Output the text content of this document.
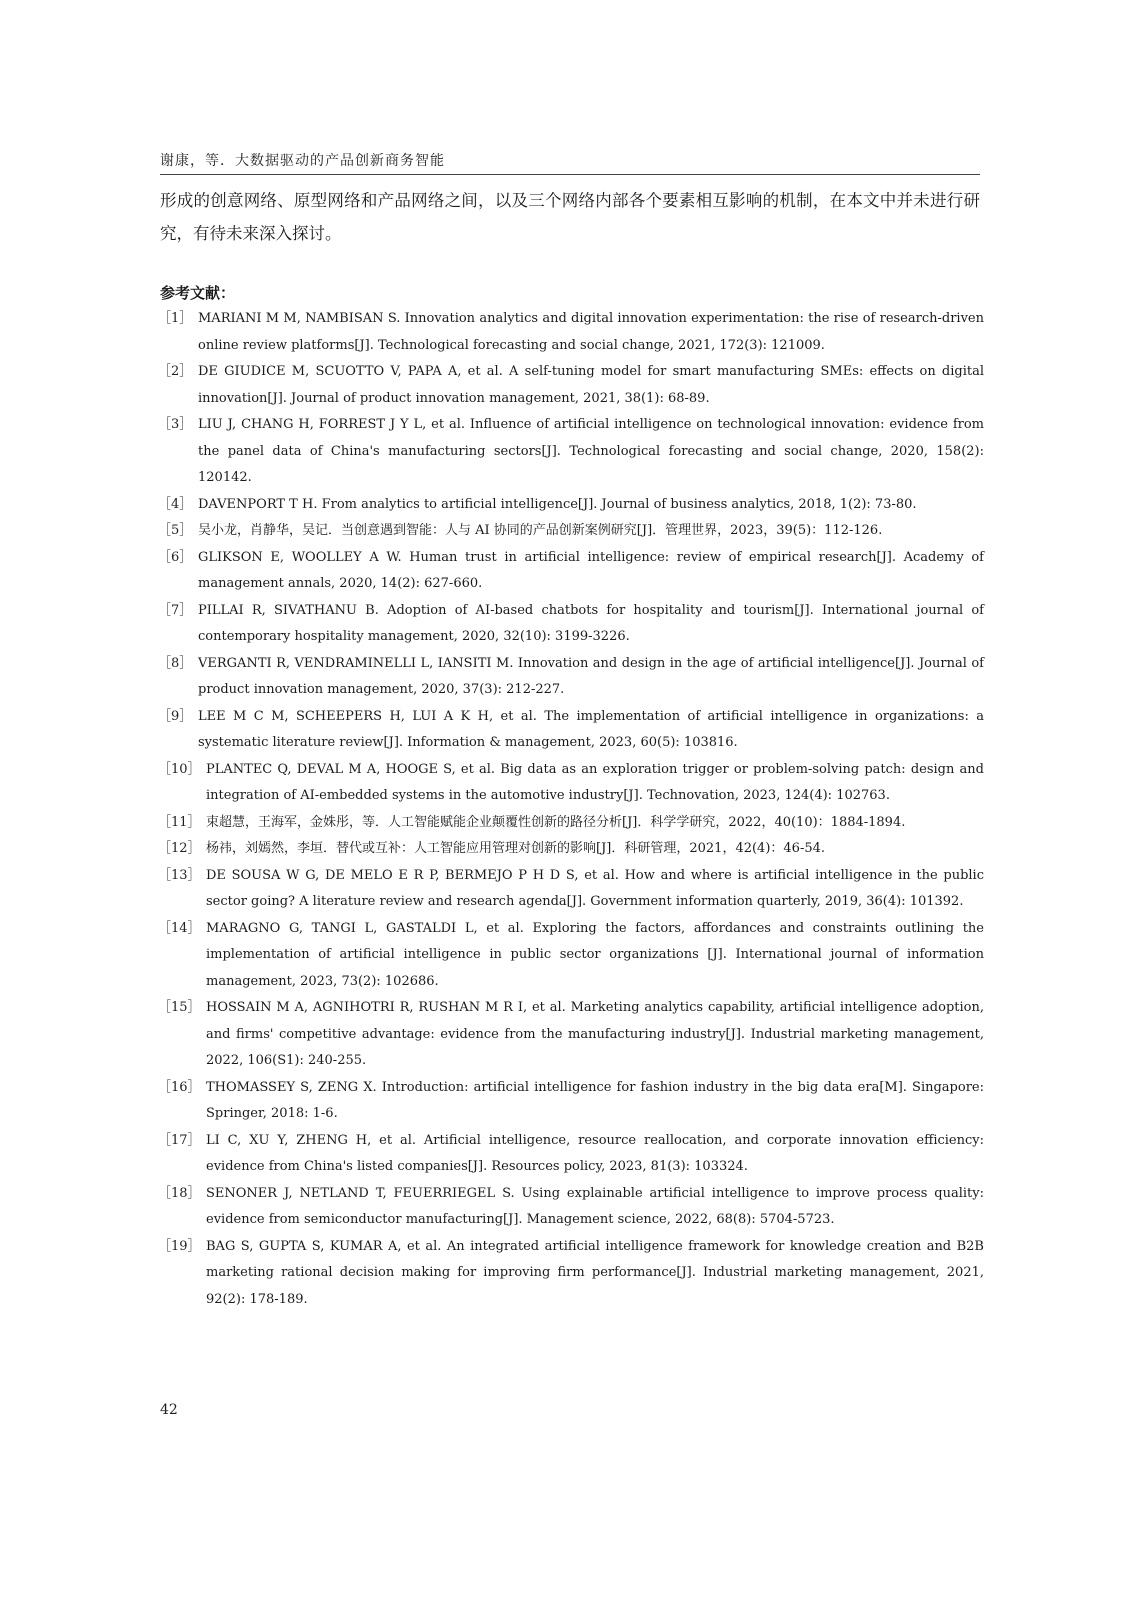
谢康，等．大数据驱动的产品创新商务智能
形成的创意网络、原型网络和产品网络之间，以及三个网络内部各个要素相互影响的机制，在本文中并未进行研究，有待未来深入探讨。
参考文献：
［1］ MARIANI M M, NAMBISAN S. Innovation analytics and digital innovation experimentation: the rise of research-driven online review platforms[J]. Technological forecasting and social change, 2021, 172(3): 121009.
［2］ DE GIUDICE M, SCUOTTO V, PAPA A, et al. A self-tuning model for smart manufacturing SMEs: effects on digital innovation[J]. Journal of product innovation management, 2021, 38(1): 68-89.
［3］ LIU J, CHANG H, FORREST J Y L, et al. Influence of artificial intelligence on technological innovation: evidence from the panel data of China's manufacturing sectors[J]. Technological forecasting and social change, 2020, 158(2): 120142.
［4］ DAVENPORT T H. From analytics to artificial intelligence[J]. Journal of business analytics, 2018, 1(2): 73-80.
［5］ 吴小龙，肖静华，吴记．当创意遇到智能：人与 AI 协同的产品创新案例研究[J]．管理世界，2023，39(5)：112-126.
［6］ GLIKSON E, WOOLLEY A W. Human trust in artificial intelligence: review of empirical research[J]. Academy of management annals, 2020, 14(2): 627-660.
［7］ PILLAI R, SIVATHANU B. Adoption of AI-based chatbots for hospitality and tourism[J]. International journal of contemporary hospitality management, 2020, 32(10): 3199-3226.
［8］ VERGANTI R, VENDRAMINELLI L, IANSITI M. Innovation and design in the age of artificial intelligence[J]. Journal of product innovation management, 2020, 37(3): 212-227.
［9］ LEE M C M, SCHEEPERS H, LUI A K H, et al. The implementation of artificial intelligence in organizations: a systematic literature review[J]. Information & management, 2023, 60(5): 103816.
［10］ PLANTEC Q, DEVAL M A, HOOGE S, et al. Big data as an exploration trigger or problem-solving patch: design and integration of AI-embedded systems in the automotive industry[J]. Technovation, 2023, 124(4): 102763.
［11］ 束超慧，王海军，金姝彤，等．人工智能赋能企业颠覆性创新的路径分析[J]．科学学研究，2022，40(10)：1884-1894.
［12］ 杨祎，刘嫣然，李垣．替代或互补：人工智能应用管理对创新的影响[J]．科研管理，2021，42(4)：46-54.
［13］ DE SOUSA W G, DE MELO E R P, BERMEJO P H D S, et al. How and where is artificial intelligence in the public sector going? A literature review and research agenda[J]. Government information quarterly, 2019, 36(4): 101392.
［14］ MARAGNO G, TANGI L, GASTALDI L, et al. Exploring the factors, affordances and constraints outlining the implementation of artificial intelligence in public sector organizations [J]. International journal of information management, 2023, 73(2): 102686.
［15］ HOSSAIN M A, AGNIHOTRI R, RUSHAN M R I, et al. Marketing analytics capability, artificial intelligence adoption, and firms' competitive advantage: evidence from the manufacturing industry[J]. Industrial marketing management, 2022, 106(S1): 240-255.
［16］ THOMASSEY S, ZENG X. Introduction: artificial intelligence for fashion industry in the big data era[M]. Singapore: Springer, 2018: 1-6.
［17］ LI C, XU Y, ZHENG H, et al. Artificial intelligence, resource reallocation, and corporate innovation efficiency: evidence from China's listed companies[J]. Resources policy, 2023, 81(3): 103324.
［18］ SENONER J, NETLAND T, FEUERRIEGEL S. Using explainable artificial intelligence to improve process quality: evidence from semiconductor manufacturing[J]. Management science, 2022, 68(8): 5704-5723.
［19］ BAG S, GUPTA S, KUMAR A, et al. An integrated artificial intelligence framework for knowledge creation and B2B marketing rational decision making for improving firm performance[J]. Industrial marketing management, 2021, 92(2): 178-189.
42
